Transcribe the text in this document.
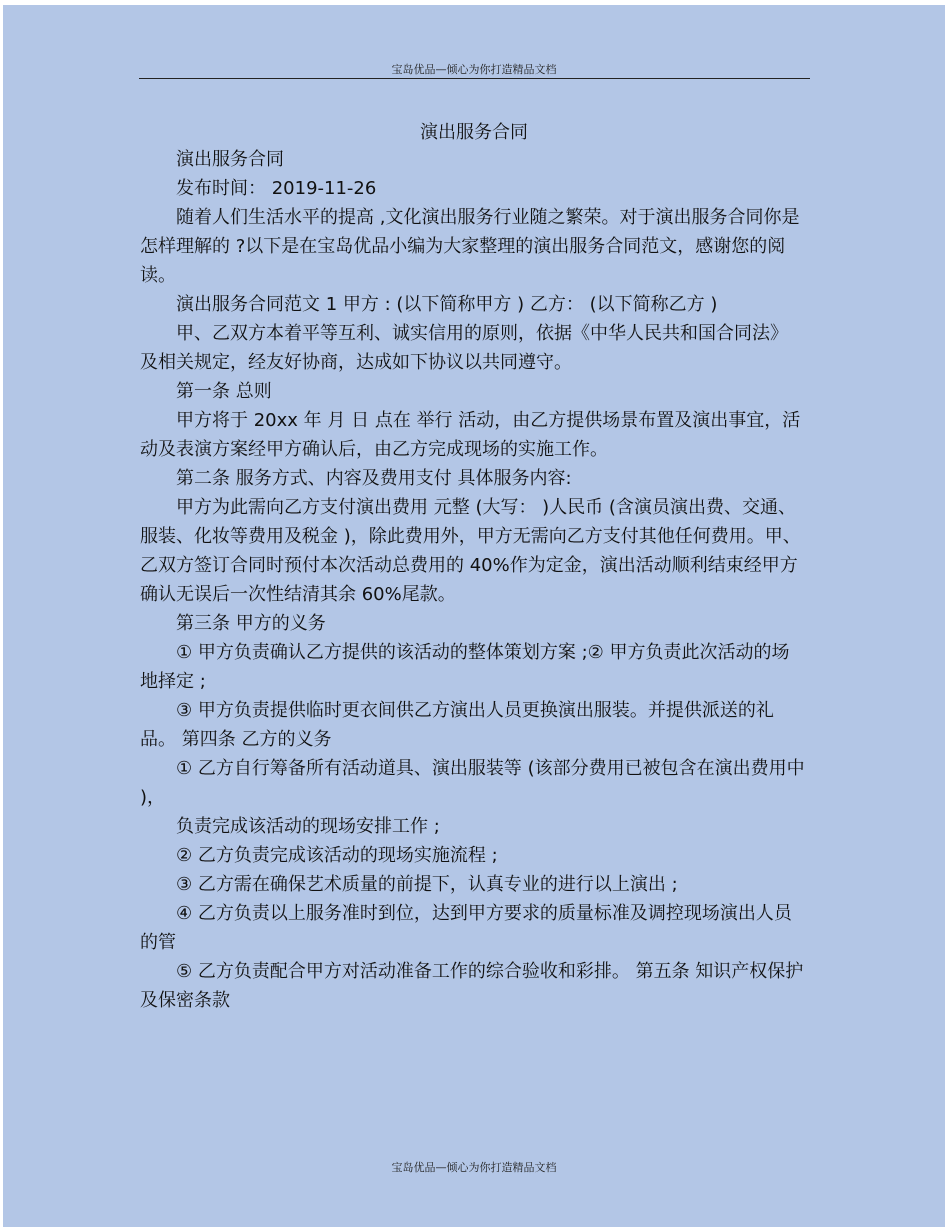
宝岛优品—倾心为你打造精品文档
演出服务合同

演出服务合同

发布时间： 2019-11-26

随着人们生活水平的提高 ,文化演出服务行业随之繁荣。对于演出服务合同你是怎样理解的 ?以下是在宝岛优品小编为大家整理的演出服务合同范文，感谢您的阅读。

演出服务合同范文 1 甲方 : (以下简称甲方 ) 乙方： (以下简称乙方 )

甲、乙双方本着平等互利、诚实信用的原则，依据《中华人民共和国合同法》及相关规定，经友好协商，达成如下协议以共同遵守。

第一条 总则

甲方将于 20xx 年 月 日 点在 举行 活动，由乙方提供场景布置及演出事宜，活动及表演方案经甲方确认后，由乙方完成现场的实施工作。

第二条 服务方式、内容及费用支付 具体服务内容:

甲方为此需向乙方支付演出费用 元整 (大写： )人民币 (含演员演出费、交通、服装、化妆等费用及税金 )，除此费用外，甲方无需向乙方支付其他任何费用。甲、乙双方签订合同时预付本次活动总费用的 40%作为定金，演出活动顺利结束经甲方确认无误后一次性结清其余 60%尾款。

第三条 甲方的义务

① 甲方负责确认乙方提供的该活动的整体策划方案 ;② 甲方负责此次活动的场地择定 ;

③ 甲方负责提供临时更衣间供乙方演出人员更换演出服装。并提供派送的礼品。 第四条 乙方的义务

① 乙方自行筹备所有活动道具、演出服装等 (该部分费用已被包含在演出费用中 )，

负责完成该活动的现场安排工作 ;

② 乙方负责完成该活动的现场实施流程 ;

③ 乙方需在确保艺术质量的前提下，认真专业的进行以上演出 ;

④ 乙方负责以上服务准时到位，达到甲方要求的质量标准及调控现场演出人员的管

⑤ 乙方负责配合甲方对活动准备工作的综合验收和彩排。 第五条 知识产权保护及保密条款

宝岛优品—倾心为你打造精品文档
